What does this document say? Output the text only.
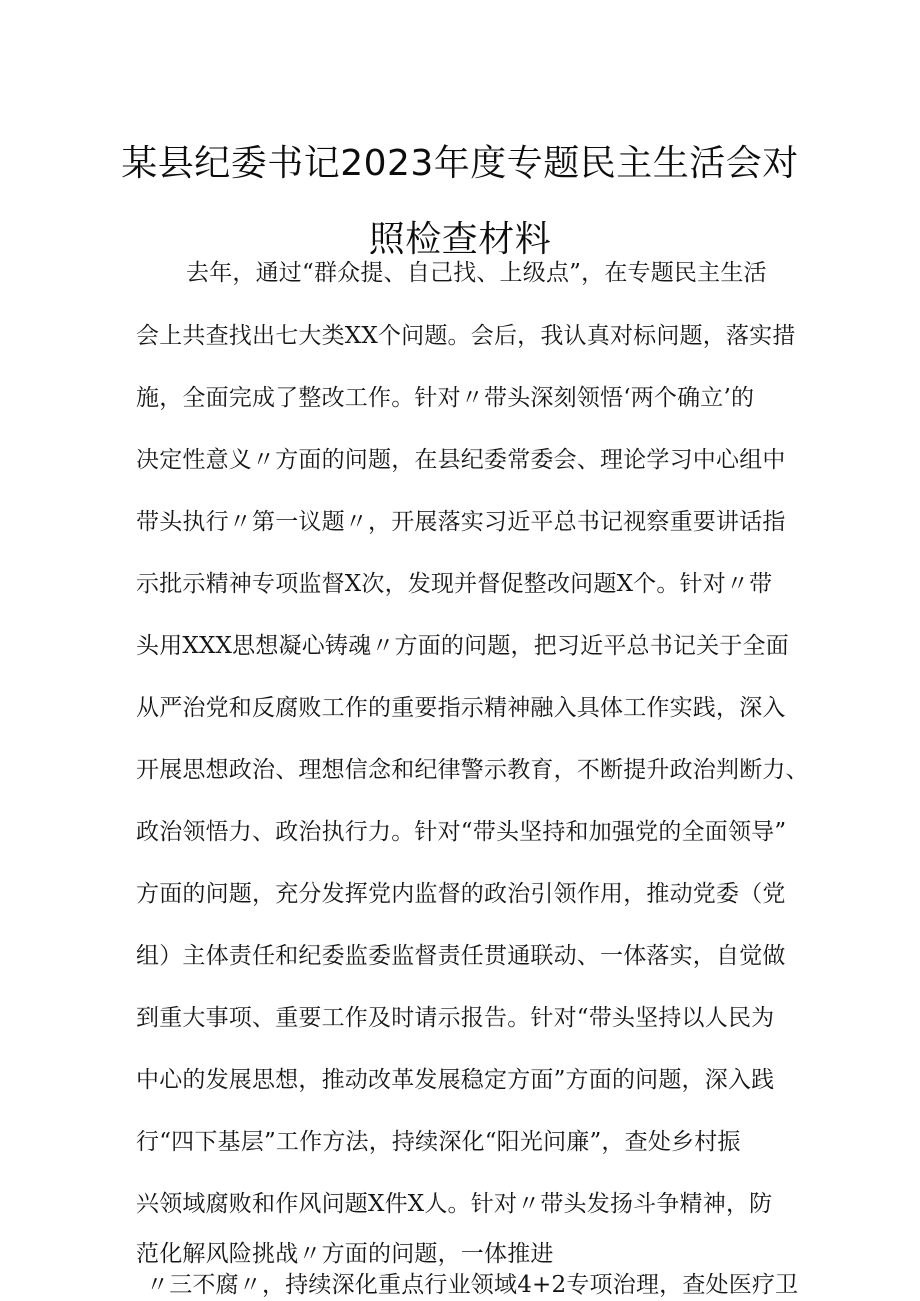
某县纪委书记2023年度专题民主生活会对
照检查材料
去年，通过“群众提、自己找、上级点”，在专题民主生活
会上共查找出七大类XX个问题。会后，我认真对标问题，落实措
施，全面完成了整改工作。针对〃带头深刻领悟‘两个确立’的
决定性意义〃方面的问题，在县纪委常委会、理论学习中心组中
带头执行〃第一议题〃，开展落实习近平总书记视察重要讲话指
示批示精神专项监督X次，发现并督促整改问题X个。针对〃带
头用XXX思想凝心铸魂〃方面的问题，把习近平总书记关于全面
从严治党和反腐败工作的重要指示精神融入具体工作实践，深入
开展思想政治、理想信念和纪律警示教育，不断提升政治判断力、
政治领悟力、政治执行力。针对“带头坚持和加强党的全面领导”
方面的问题，充分发挥党内监督的政治引领作用，推动党委（党
组）主体责任和纪委监委监督责任贯通联动、一体落实，自觉做
到重大事项、重要工作及时请示报告。针对“带头坚持以人民为
中心的发展思想，推动改革发展稳定方面”方面的问题，深入践
行“四下基层”工作方法，持续深化“阳光问廉”，查处乡村振
兴领域腐败和作风问题X件X人。针对〃带头发扬斗争精神，防
范化解风险挑战〃方面的问题，一体推进
〃三不腐〃，持续深化重点行业领域4+2专项治理，查处医疗卫
